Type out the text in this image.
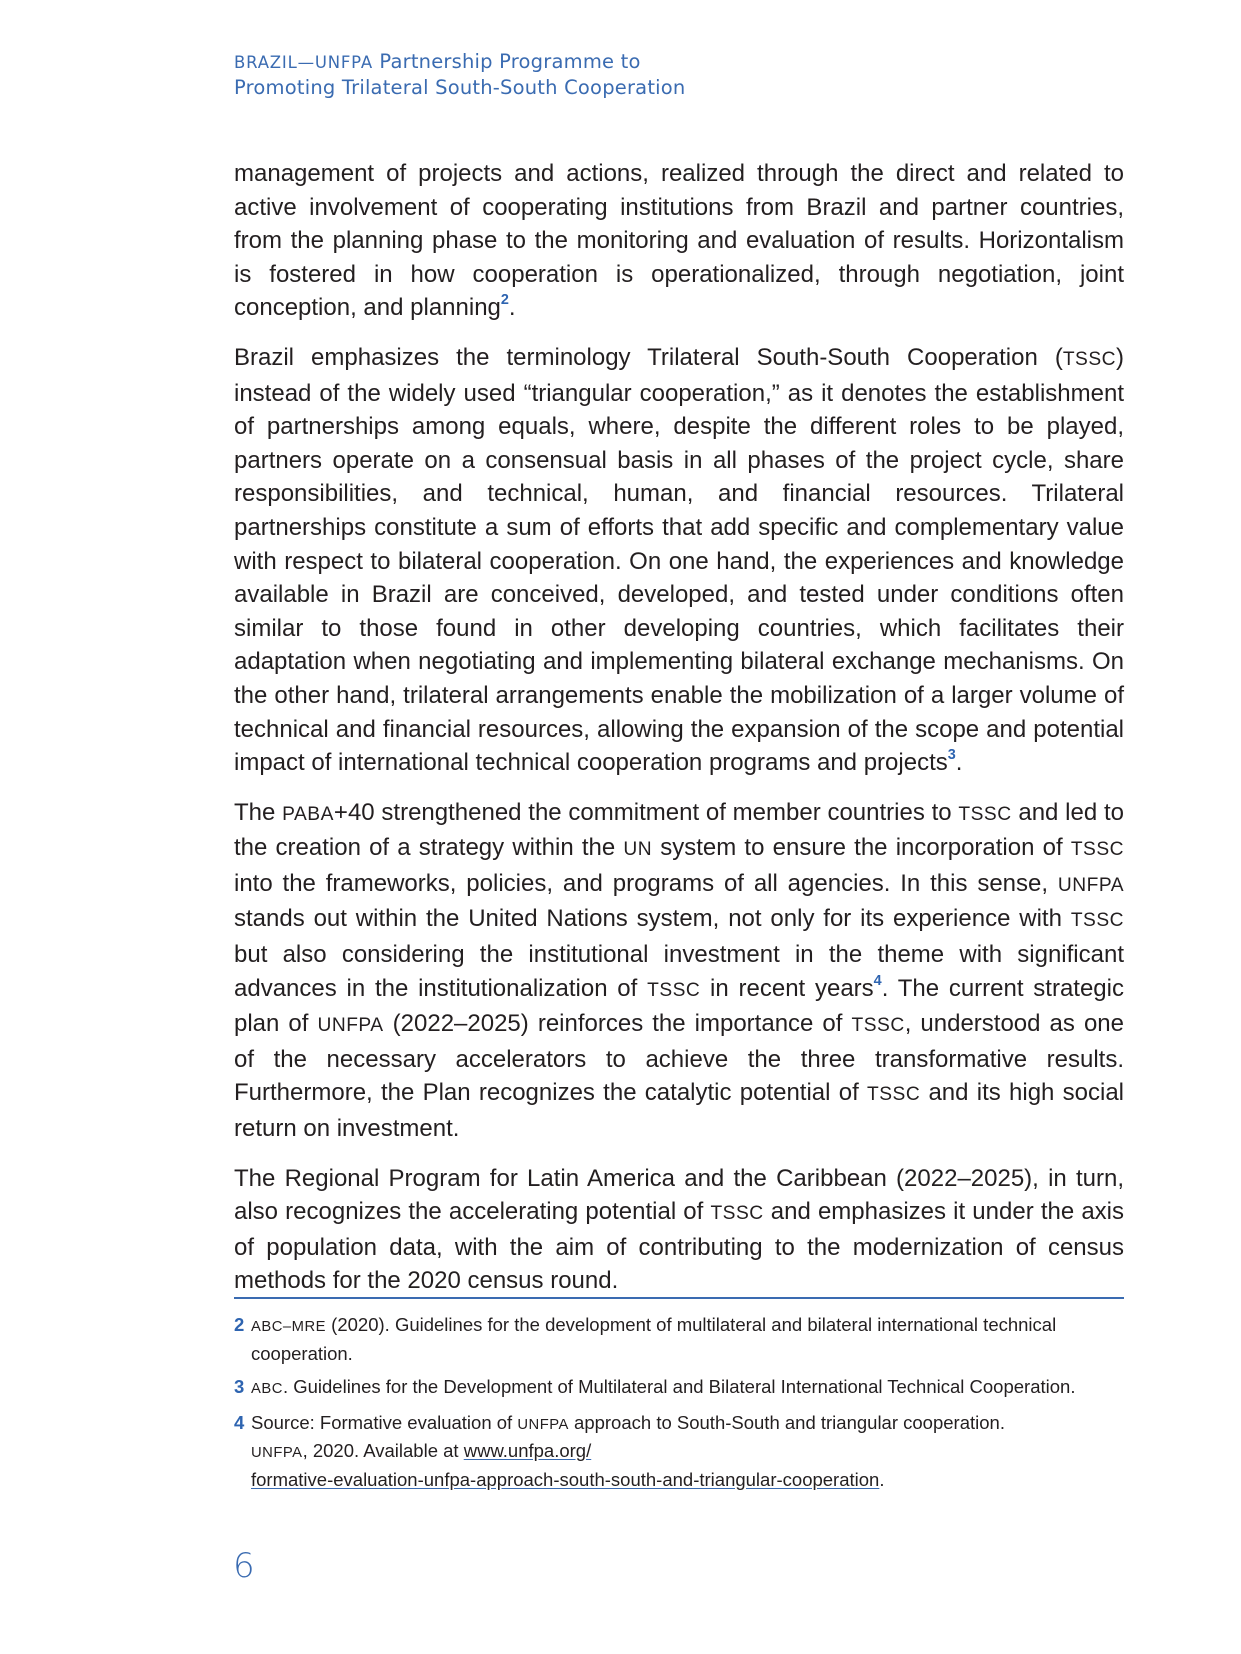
BRAZIL—UNFPA Partnership Programme to
Promoting Trilateral South-South Cooperation

management of projects and actions, realized through the direct and related to active involvement of cooperating institutions from Brazil and partner countries, from the planning phase to the monitoring and evaluation of results. Horizontalism is fostered in how cooperation is operationalized, through negotiation, joint conception, and planning$^2$.

Brazil emphasizes the terminology Trilateral South-South Cooperation (TSSC) instead of the widely used “triangular cooperation,” as it denotes the establishment of partnerships among equals, where, despite the different roles to be played, partners operate on a consensual basis in all phases of the project cycle, share responsibilities, and technical, human, and financial resources. Trilateral partnerships constitute a sum of efforts that add specific and complementary value with respect to bilateral cooperation. On one hand, the experiences and knowledge available in Brazil are conceived, developed, and tested under conditions often similar to those found in other developing countries, which facilitates their adaptation when negotiating and implementing bilateral exchange mechanisms. On the other hand, trilateral arrangements enable the mobilization of a larger volume of technical and financial resources, allowing the expansion of the scope and potential impact of international technical cooperation programs and projects$^3$.

The PABA+40 strengthened the commitment of member countries to TSSC and led to the creation of a strategy within the UN system to ensure the incorporation of TSSC into the frameworks, policies, and programs of all agencies. In this sense, UNFPA stands out within the United Nations system, not only for its experience with TSSC but also considering the institutional investment in the theme with significant advances in the institutionalization of TSSC in recent years$^4$. The current strategic plan of UNFPA (2022–2025) reinforces the importance of TSSC, understood as one of the necessary accelerators to achieve the three transformative results. Furthermore, the Plan recognizes the catalytic potential of TSSC and its high social return on investment.

The Regional Program for Latin America and the Caribbean (2022–2025), in turn, also recognizes the accelerating potential of TSSC and emphasizes it under the axis of population data, with the aim of contributing to the modernization of census methods for the 2020 census round.

2 ABC–MRE (2020). Guidelines for the development of multilateral and bilateral international technical cooperation.
3 ABC. Guidelines for the Development of Multilateral and Bilateral International Technical Cooperation.
4 Source: Formative evaluation of UNFPA approach to South-South and triangular cooperation.
UNFPA, 2020. Available at www.unfpa.org/
formative-evaluation-unfpa-approach-south-south-and-triangular-cooperation.
6
